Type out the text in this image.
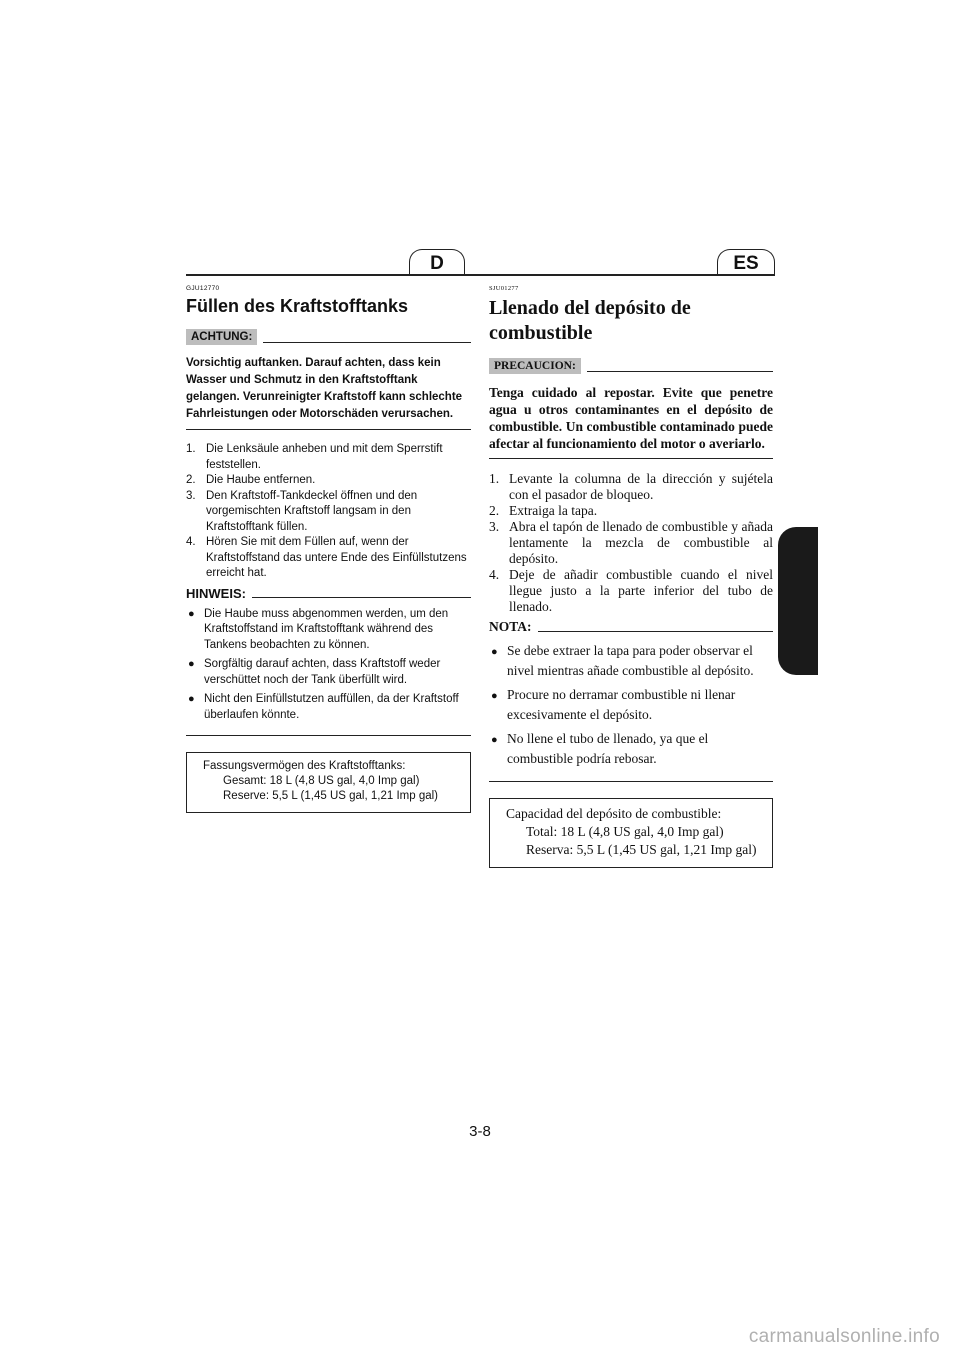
D	ES

GJU12770

Füllen des Kraftstofftanks
ACHTUNG:

Vorsichtig auftanken. Darauf achten, dass kein Wasser und Schmutz in den Kraftstofftank gelangen. Verunreinigter Kraftstoff kann schlechte Fahrleistungen oder Motorschäden verursachen.

1. Die Lenksäule anheben und mit dem Sperrstift feststellen.
2. Die Haube entfernen.
3. Den Kraftstoff-Tankdeckel öffnen und den vorgemischten Kraftstoff langsam in den Kraftstofftank füllen.
4. Hören Sie mit dem Füllen auf, wenn der Kraftstoffstand das untere Ende des Einfüllstutzens erreicht hat.
HINWEIS:
● Die Haube muss abgenommen werden, um den Kraftstoffstand im Kraftstofftank während des Tankens beobachten zu können.
● Sorgfältig darauf achten, dass Kraftstoff weder verschüttet noch der Tank überfüllt wird.
● Nicht den Einfüllstutzen auffüllen, da der Kraftstoff überlaufen könnte.

Fassungsvermögen des Kraftstofftanks:

Gesamt: 18 L (4,8 US gal, 4,0 Imp gal)

Reserve: 5,5 L (1,45 US gal, 1,21 Imp gal)

SJU01277

Llenado del depósito de combustible
PRECAUCION:

Tenga cuidado al repostar. Evite que penetre agua u otros contaminantes en el depósito de combustible. Un combustible contaminado puede afectar al funcionamiento del motor o averiarlo.

1. Levante la columna de la dirección y sujétela con el pasador de bloqueo.
2. Extraiga la tapa.
3. Abra el tapón de llenado de combustible y añada lentamente la mezcla de combustible al depósito.
4. Deje de añadir combustible cuando el nivel llegue justo a la parte inferior del tubo de llenado.
NOTA:
● Se debe extraer la tapa para poder observar el nivel mientras añade combustible al depósito.
● Procure no derramar combustible ni llenar excesivamente el depósito.
● No llene el tubo de llenado, ya que el combustible podría rebosar.

Capacidad del depósito de combustible:

Total: 18 L (4,8 US gal, 4,0 Imp gal)

Reserva: 5,5 L (1,45 US gal, 1,21 Imp gal)

3-8
carmanualsonline.info
